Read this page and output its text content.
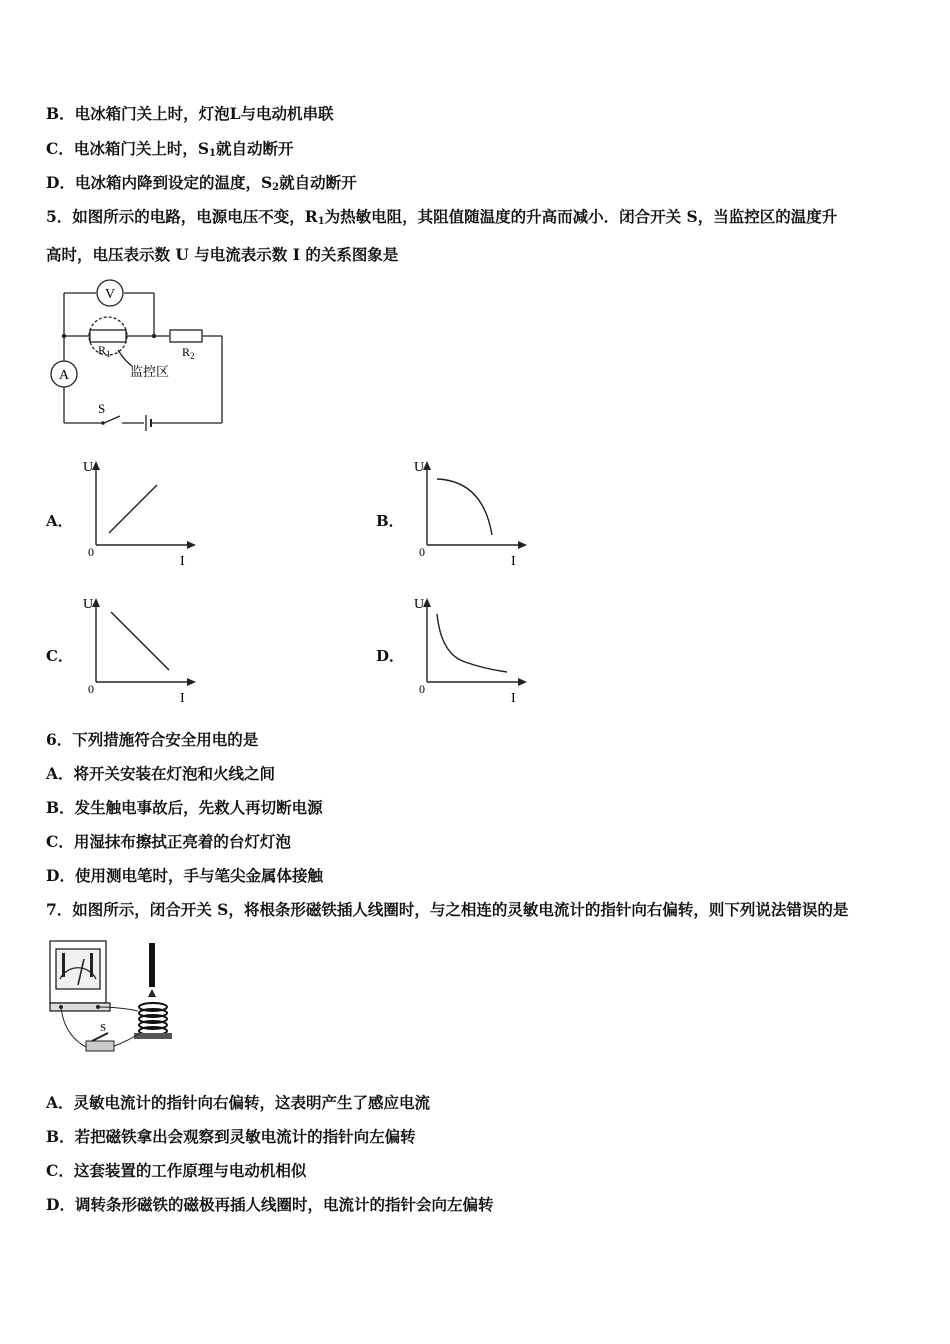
B．电冰箱门关上时，灯泡L与电动机串联
C．电冰箱门关上时，$S_1$就自动断开
D．电冰箱内降到设定的温度，$S_2$就自动断开
5．如图所示的电路，电源电压不变，$R_1$为热敏电阻，其阻值随温度的升高而减小．闭合开关 S，当监控区的温度升
高时，电压表示数 U 与电流表示数 I 的关系图象是
V
A
$R_1$	$R_2$
监控区
S
A．	B．
C．	D．
U
0
I
U
0
I
U
0
I
U
0
I
6．下列措施符合安全用电的是
A．将开关安装在灯泡和火线之间
B．发生触电事故后，先救人再切断电源
C．用湿抹布擦拭正亮着的台灯灯泡
D．使用测电笔时，手与笔尖金属体接触
7．如图所示，闭合开关 S，将根条形磁铁插人线圈时，与之相连的灵敏电流计的指针向右偏转，则下列说法错误的是
S
A．灵敏电流计的指针向右偏转，这表明产生了感应电流
B．若把磁铁拿出会观察到灵敏电流计的指针向左偏转
C．这套装置的工作原理与电动机相似
D．调转条形磁铁的磁极再插人线圈时，电流计的指针会向左偏转
